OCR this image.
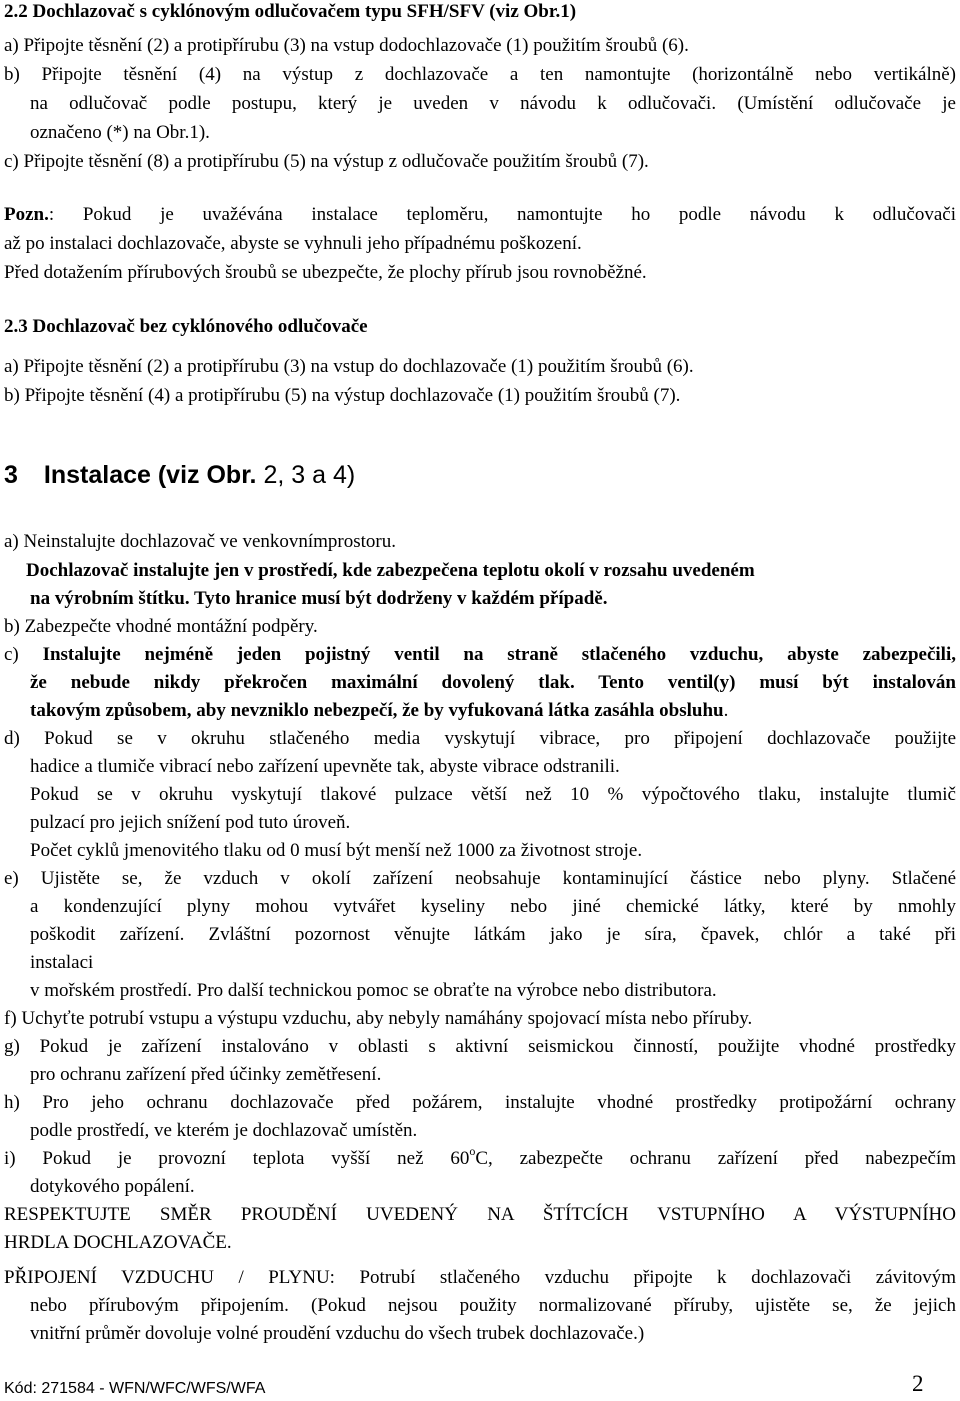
2.2 Dochlazovač s cyklónovým odlučovačem typu SFH/SFV (viz Obr.1)
a) Připojte těsnění (2) a protipřírubu (3) na vstup dodochlazovače (1) použitím šroubů (6).
b) Připojte těsnění (4) na výstup z dochlazovače a ten namontujte (horizontálně nebo vertikálně)
na odlučovač podle postupu, který je uveden v návodu k odlučovači. (Umístění odlučovače je
označeno (*) na Obr.1).
c) Připojte těsnění (8) a protipřírubu (5) na výstup z odlučovače použitím šroubů (7).
Pozn.: Pokud je uvažévána instalace teploměru, namontujte ho podle návodu k odlučovači
až po instalaci dochlazovače, abyste se vyhnuli jeho případnému poškození.
Před dotažením přírubových šroubů se ubezpečte, že plochy přírub jsou rovnoběžné.
2.3 Dochlazovač bez cyklónového odlučovače
a) Připojte těsnění (2) a protipřírubu (3) na vstup do dochlazovače (1) použitím šroubů (6).
b) Připojte těsnění (4) a protipřírubu (5) na výstup dochlazovače (1) použitím šroubů (7).
3 Instalace (viz Obr. 2, 3 a 4)
a) Neinstalujte dochlazovač ve venkovnímprostoru.
Dochlazovač instalujte jen v prostředí, kde zabezpečena teplotu okolí v rozsahu uvedeném
na výrobním štítku. Tyto hranice musí být dodrženy v každém případě.
b) Zabezpečte vhodné montážní podpěry.
c) Instalujte nejméně jeden pojistný ventil na straně stlačeného vzduchu, abyste zabezpečili,
že nebude nikdy překročen maximální dovolený tlak. Tento ventil(y) musí být instalován
takovým způsobem, aby nevzniklo nebezpečí, že by vyfukovaná látka zasáhla obsluhu.
d) Pokud se v okruhu stlačeného media vyskytují vibrace, pro připojení dochlazovače použijte
hadice a tlumiče vibrací nebo zařízení upevněte tak, abyste vibrace odstranili.
Pokud se v okruhu vyskytují tlakové pulzace větší než 10 % výpočtového tlaku, instalujte tlumič
pulzací pro jejich snížení pod tuto úroveň.
Počet cyklů jmenovitého tlaku od 0 musí být menší než 1000 za životnost stroje.
e) Ujistěte se, že vzduch v okolí zařízení neobsahuje kontaminující částice nebo plyny. Stlačené
a kondenzující plyny mohou vytvářet kyseliny nebo jiné chemické látky, které by nmohly
poškodit zařízení. Zvláštní pozornost věnujte látkám jako je síra, čpavek, chlór a také při
instalaci
v mořském prostředí. Pro další technickou pomoc se obraťte na výrobce nebo distributora.
f) Uchyťte potrubí vstupu a výstupu vzduchu, aby nebyly namáhány spojovací místa nebo příruby.
g) Pokud je zařízení instalováno v oblasti s aktivní seismickou činností, použijte vhodné prostředky
pro ochranu zařízení před účinky zemětřesení.
h) Pro jeho ochranu dochlazovače před požárem, instalujte vhodné prostředky protipožární ochrany
podle prostředí, ve kterém je dochlazovač umístěn.
i) Pokud je provozní teplota vyšší než 60$^o$C, zabezpečte ochranu zařízení před nabezpečím
dotykového popálení.
RESPEKTUJTE SMĚR PROUDĚNÍ UVEDENÝ NA ŠTÍTCÍCH VSTUPNÍHO A VÝSTUPNÍHO
HRDLA DOCHLAZOVAČE.
PŘIPOJENÍ VZDUCHU / PLYNU: Potrubí stlačeného vzduchu připojte k dochlazovači závitovým
nebo přírubovým připojením. (Pokud nejsou použity normalizované příruby, ujistěte se, že jejich
vnitřní průměr dovoluje volné proudění vzduchu do všech trubek dochlazovače.)
Kód: 271584 - WFN/WFC/WFS/WFA	2
